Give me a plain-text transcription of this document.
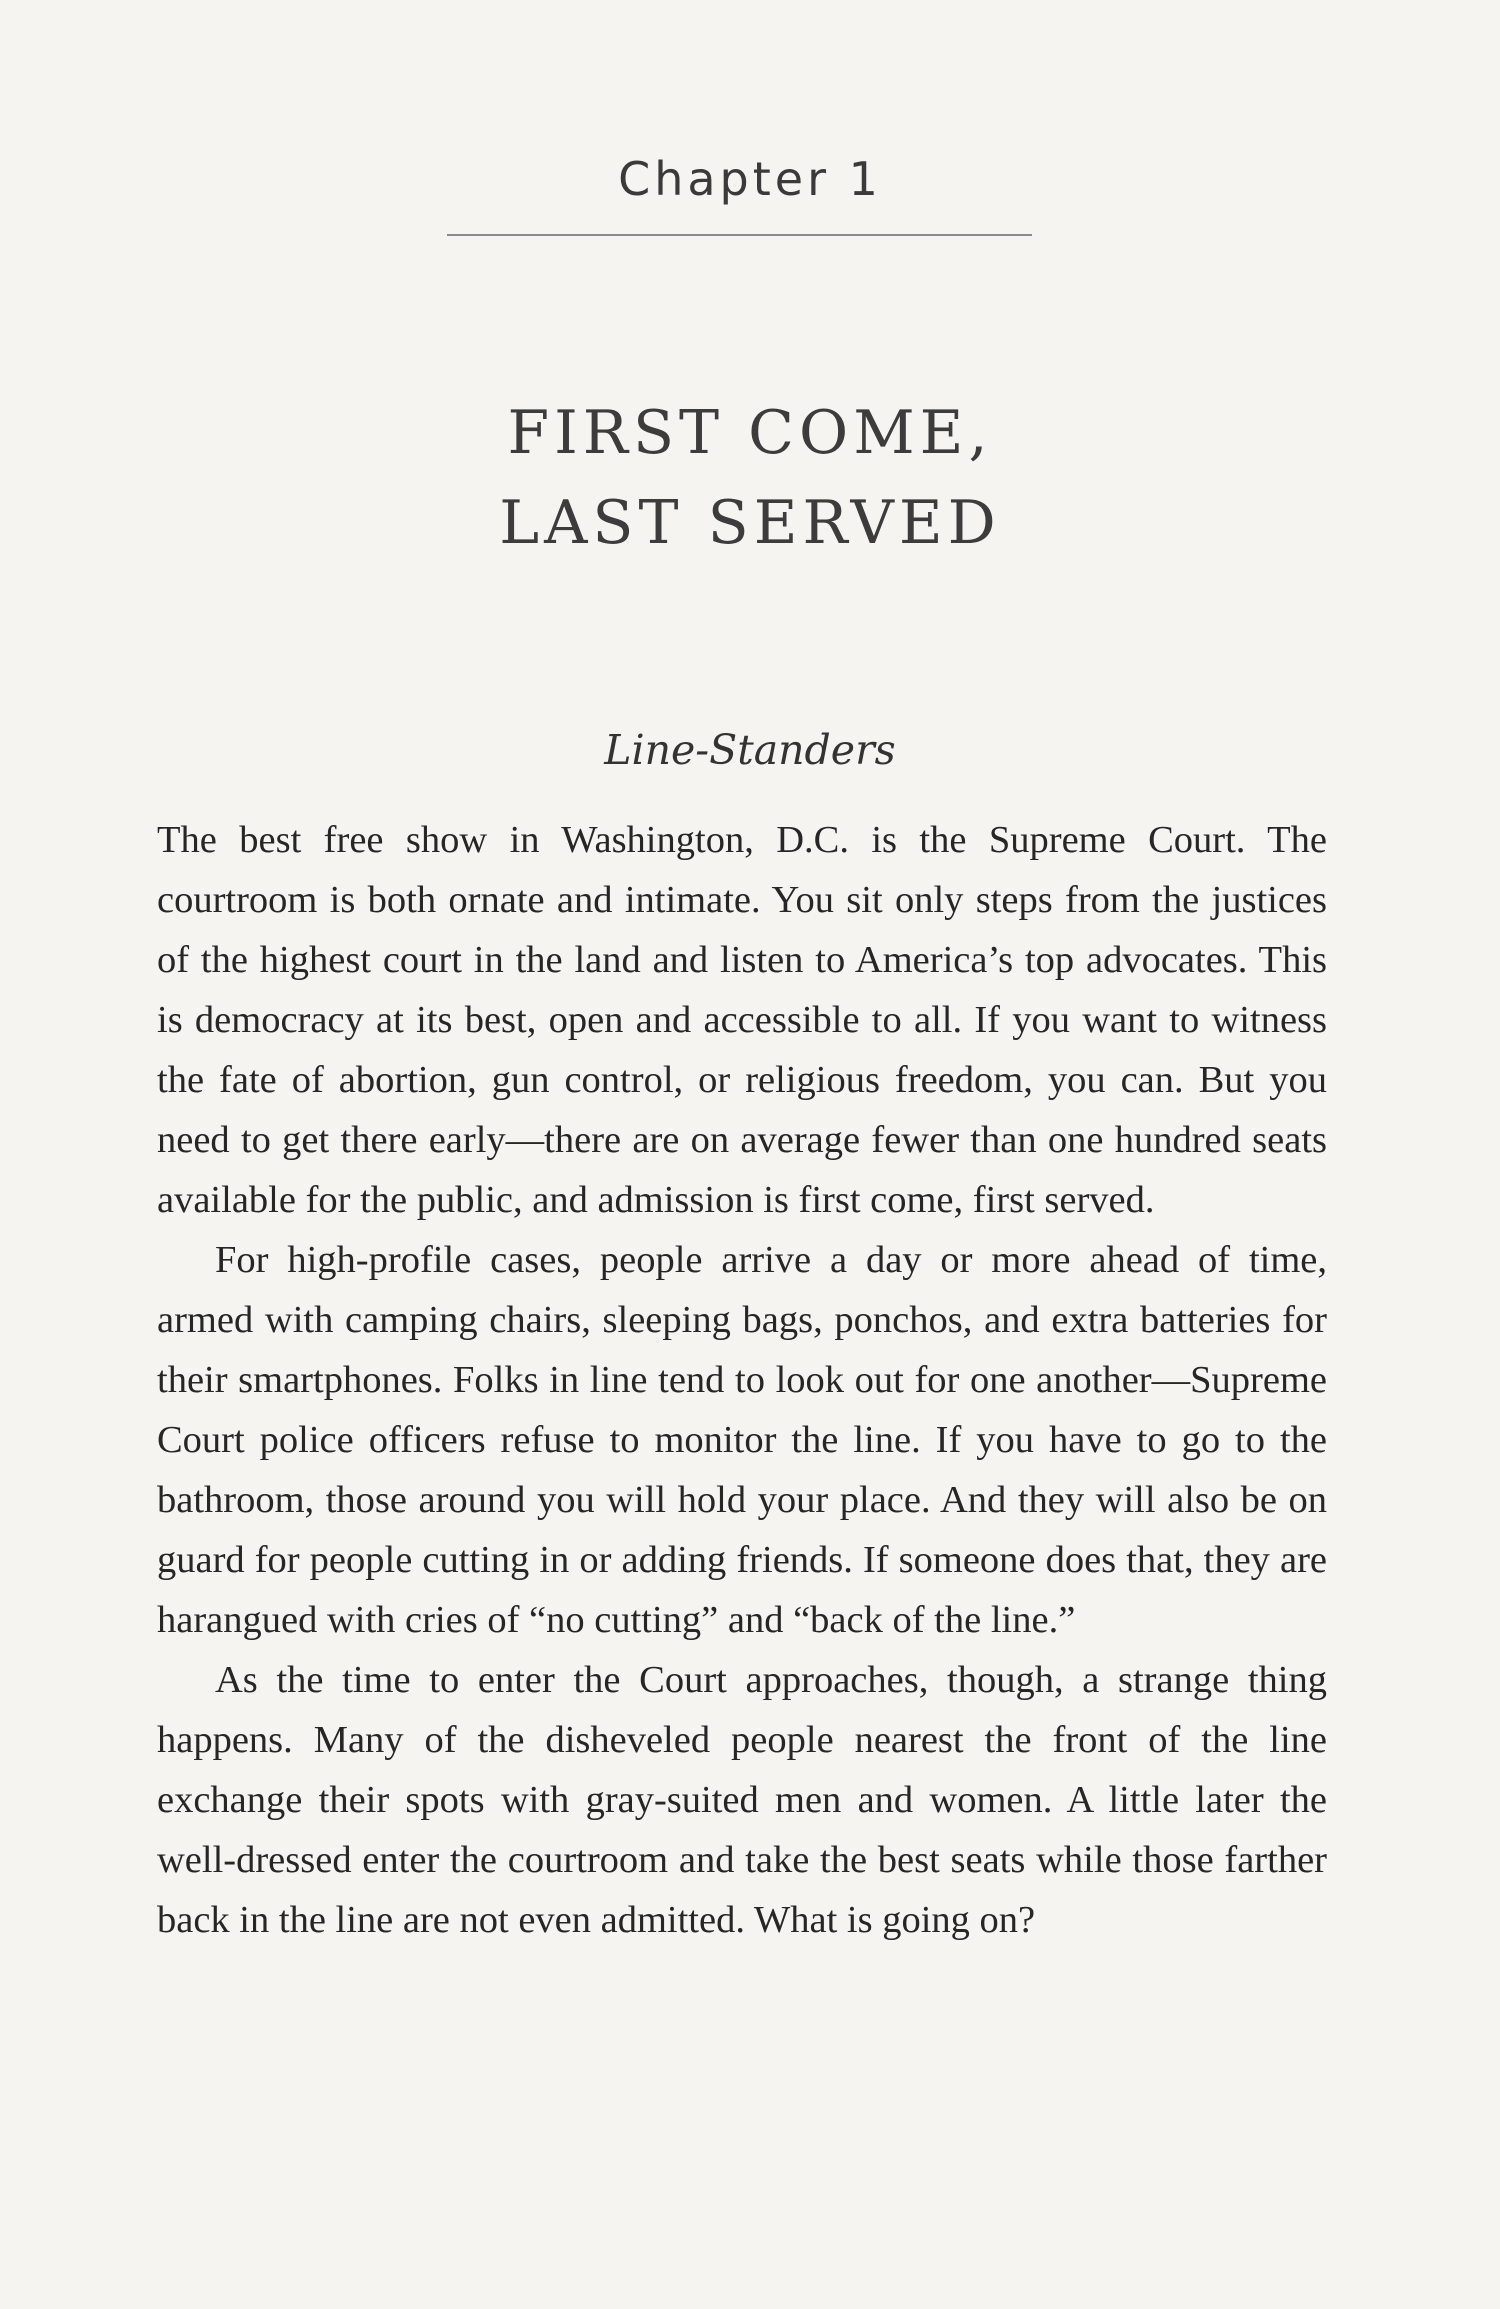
Chapter 1
FIRST COME,
LAST SERVED
Line-Standers

The best free show in Washington, D.C. is the Supreme Court. The courtroom is both ornate and intimate. You sit only steps from the justices of the highest court in the land and listen to America’s top advocates. This is democracy at its best, open and accessible to all. If you want to witness the fate of abortion, gun control, or religious freedom, you can. But you need to get there early—there are on average fewer than one hundred seats available for the public, and admission is first come, first served.

For high-profile cases, people arrive a day or more ahead of time, armed with camping chairs, sleeping bags, ponchos, and extra batteries for their smartphones. Folks in line tend to look out for one another—Supreme Court police officers refuse to monitor the line. If you have to go to the bathroom, those around you will hold your place. And they will also be on guard for people cutting in or adding friends. If someone does that, they are harangued with cries of “no cutting” and “back of the line.”

As the time to enter the Court approaches, though, a strange thing happens. Many of the disheveled people nearest the front of the line exchange their spots with gray-suited men and women. A little later the well-dressed enter the courtroom and take the best seats while those farther back in the line are not even admitted. What is going on?
